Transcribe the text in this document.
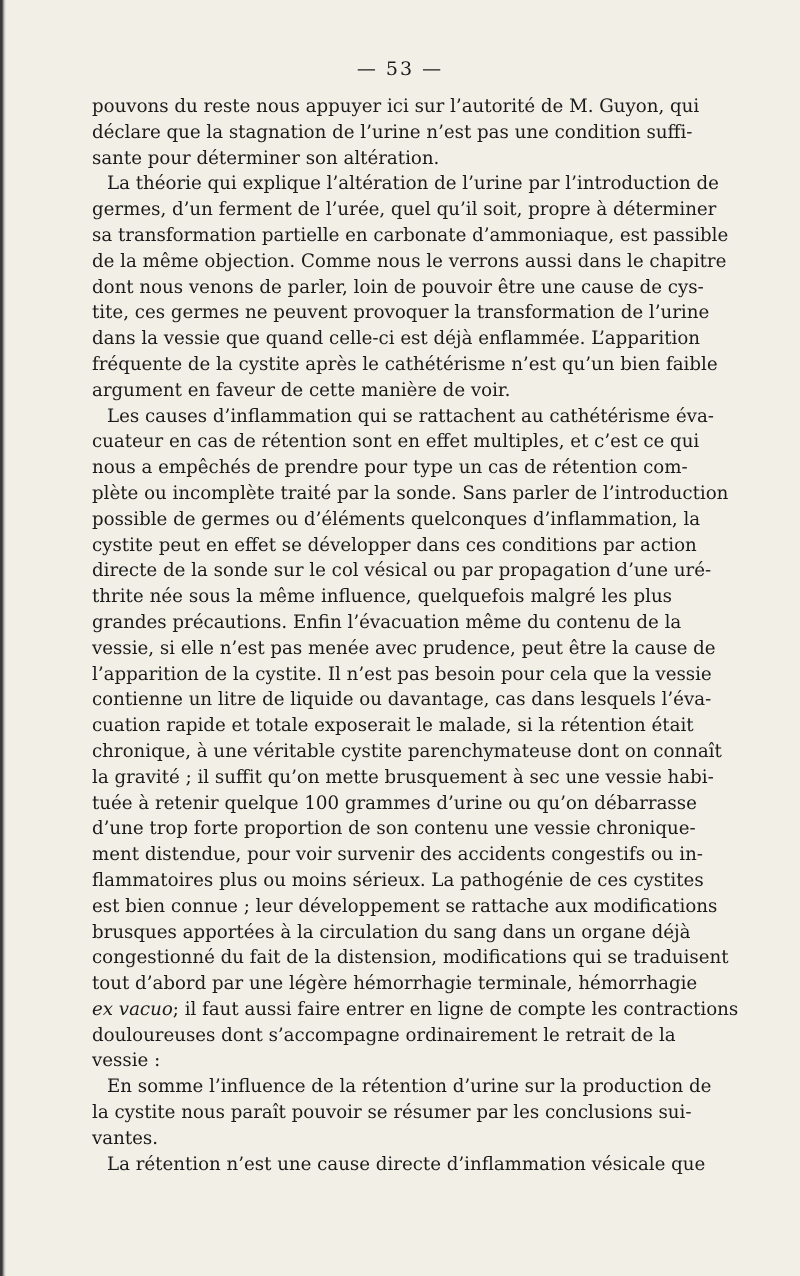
— 53 —
pouvons du reste nous appuyer ici sur l’autorité de M. Guyon, qui
déclare que la stagnation de l’urine n’est pas une condition suffi-
sante pour déterminer son altération.
La théorie qui explique l’altération de l’urine par l’introduction de
germes, d’un ferment de l’urée, quel qu’il soit, propre à déterminer
sa transformation partielle en carbonate d’ammoniaque, est passible
de la même objection. Comme nous le verrons aussi dans le chapitre
dont nous venons de parler, loin de pouvoir être une cause de cys-
tite, ces germes ne peuvent provoquer la transformation de l’urine
dans la vessie que quand celle-ci est déjà enflammée. L’apparition
fréquente de la cystite après le cathétérisme n’est qu’un bien faible
argument en faveur de cette manière de voir.
Les causes d’inflammation qui se rattachent au cathétérisme éva-
cuateur en cas de rétention sont en effet multiples, et c’est ce qui
nous a empêchés de prendre pour type un cas de rétention com-
plète ou incomplète traité par la sonde. Sans parler de l’introduction
possible de germes ou d’éléments quelconques d’inflammation, la
cystite peut en effet se développer dans ces conditions par action
directe de la sonde sur le col vésical ou par propagation d’une uré-
thrite née sous la même influence, quelquefois malgré les plus
grandes précautions. Enfin l’évacuation même du contenu de la
vessie, si elle n’est pas menée avec prudence, peut être la cause de
l’apparition de la cystite. Il n’est pas besoin pour cela que la vessie
contienne un litre de liquide ou davantage, cas dans lesquels l’éva-
cuation rapide et totale exposerait le malade, si la rétention était
chronique, à une véritable cystite parenchymateuse dont on connaît
la gravité ; il suffit qu’on mette brusquement à sec une vessie habi-
tuée à retenir quelque 100 grammes d’urine ou qu’on débarrasse
d’une trop forte proportion de son contenu une vessie chronique-
ment distendue, pour voir survenir des accidents congestifs ou in-
flammatoires plus ou moins sérieux. La pathogénie de ces cystites
est bien connue ; leur développement se rattache aux modifications
brusques apportées à la circulation du sang dans un organe déjà
congestionné du fait de la distension, modifications qui se traduisent
tout d’abord par une légère hémorrhagie terminale, hémorrhagie
ex vacuo; il faut aussi faire entrer en ligne de compte les contractions
douloureuses dont s’accompagne ordinairement le retrait de la
vessie :
En somme l’influence de la rétention d’urine sur la production de
la cystite nous paraît pouvoir se résumer par les conclusions sui-
vantes.
La rétention n’est une cause directe d’inflammation vésicale que
